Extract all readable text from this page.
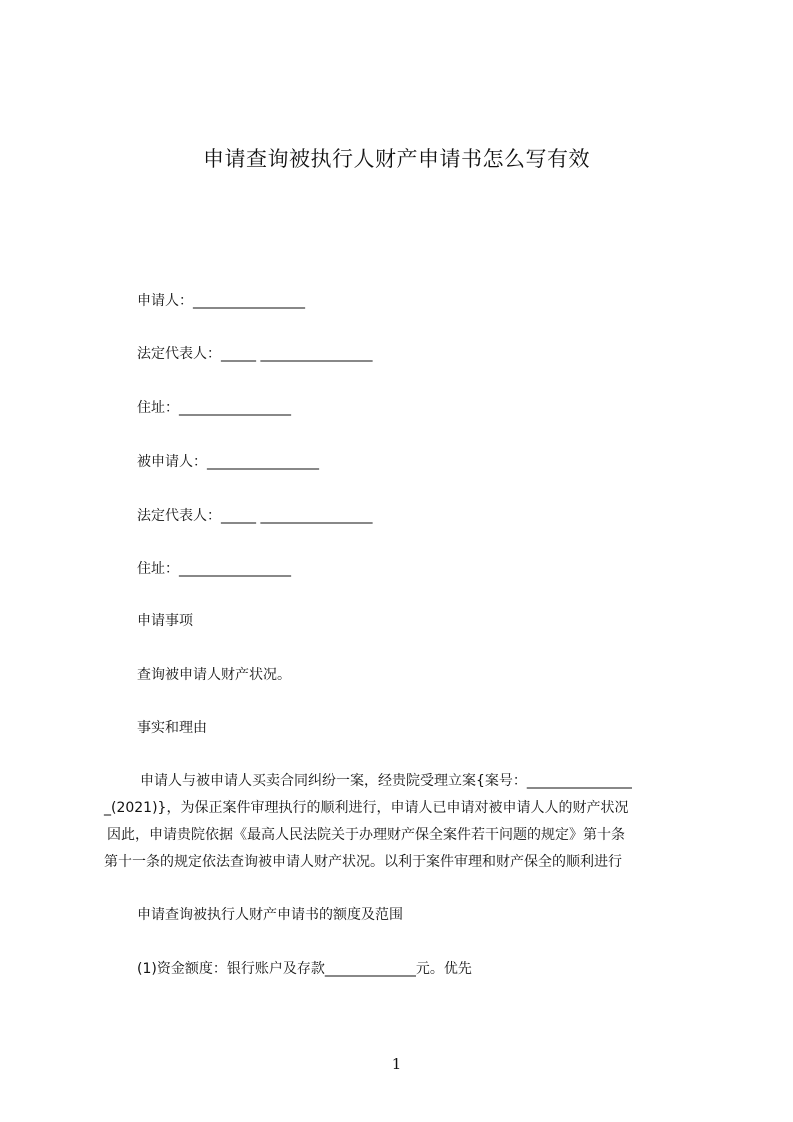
申请查询被执行人财产申请书怎么写有效
申请人：________________
法定代表人：_____ ________________
住址：________________
被申请人：________________
法定代表人：_____ ________________
住址：________________
申请事项
查询被申请人财产状况。
事实和理由
申请人与被申请人买卖合同纠纷一案，经贵院受理立案{案号：_______________
_(2021)}，为保正案件审理执行的顺利进行，申请人已申请对被申请人人的财产状况
因此，申请贵院依据《最高人民法院关于办理财产保全案件若干问题的规定》第十条
第十一条的规定依法查询被申请人财产状况。以利于案件审理和财产保全的顺利进行
申请查询被执行人财产申请书的额度及范围
(1)资金额度：银行账户及存款_____________元。优先
1
